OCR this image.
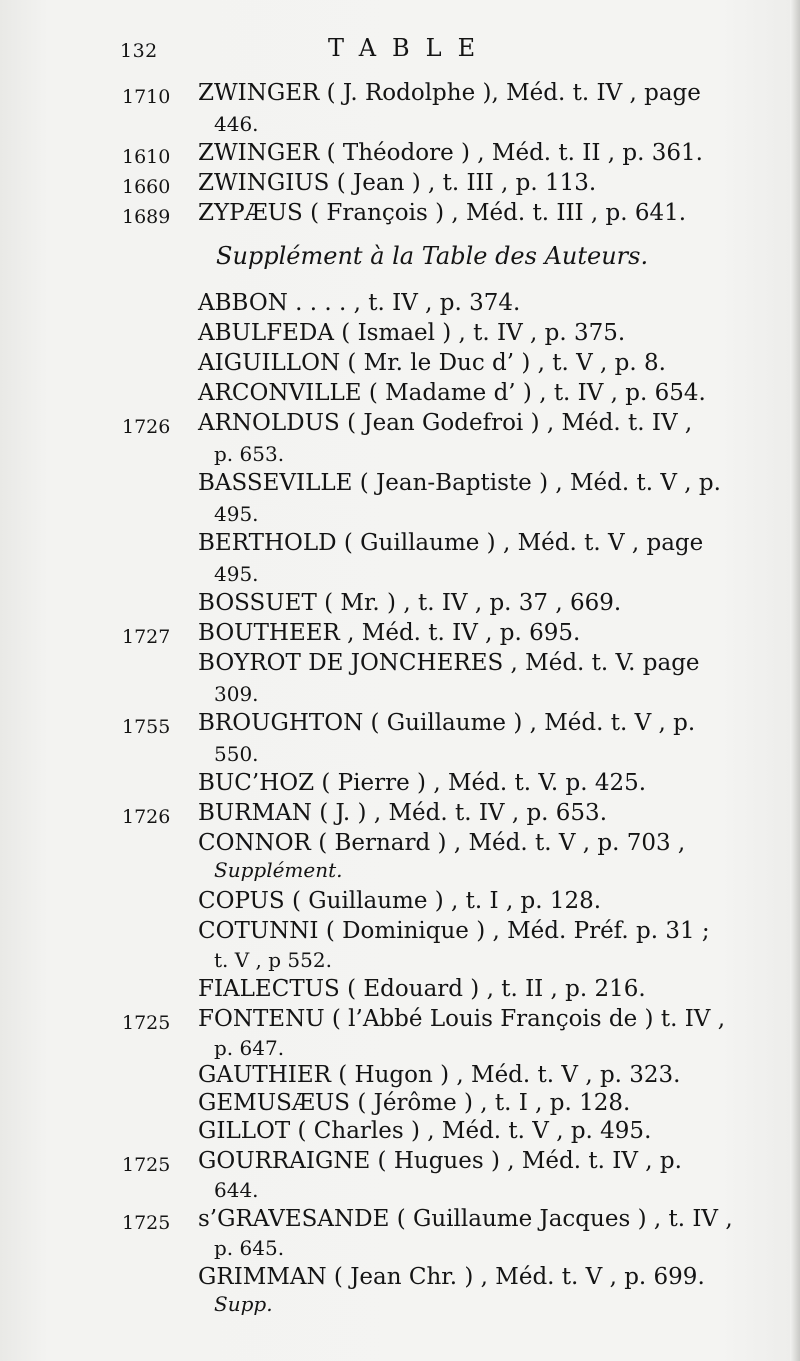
132	TABLE
1710 ZWINGER ( J. Rodolphe ), Méd. t. IV , page
446.
1610 ZWINGER ( Théodore ) , Méd. t. II , p. 361.
1660 ZWINGIUS ( Jean ) , t. III , p. 113.
1689 ZYPÆUS ( François ) , Méd. t. III , p. 641.
Supplément à la Table des Auteurs.
ABBON . . . . , t. IV , p. 374.
ABULFEDA ( Ismael ) , t. IV , p. 375.
AIGUILLON ( Mr. le Duc d’ ) , t. V , p. 8.
ARCONVILLE ( Madame d’ ) , t. IV , p. 654.
1726 ARNOLDUS ( Jean Godefroi ) , Méd. t. IV ,
p. 653.
BASSEVILLE ( Jean-Baptiste ) , Méd. t. V , p.
495.
BERTHOLD ( Guillaume ) , Méd. t. V , page
495.
BOSSUET ( Mr. ) , t. IV , p. 37 , 669.
1727 BOUTHEER , Méd. t. IV , p. 695.
BOYROT DE JONCHERES , Méd. t. V. page
309.
1755 BROUGHTON ( Guillaume ) , Méd. t. V , p.
550.
BUC’HOZ ( Pierre ) , Méd. t. V. p. 425.
1726 BURMAN ( J. ) , Méd. t. IV , p. 653.
CONNOR ( Bernard ) , Méd. t. V , p. 703 ,
Supplément.
COPUS ( Guillaume ) , t. I , p. 128.
COTUNNI ( Dominique ) , Méd. Préf. p. 31 ;
t. V , p 552.
FIALECTUS ( Edouard ) , t. II , p. 216.
1725 FONTENU ( l’Abbé Louis François de ) t. IV ,
p. 647.
GAUTHIER ( Hugon ) , Méd. t. V , p. 323.
GEMUSÆUS ( Jérôme ) , t. I , p. 128.
GILLOT ( Charles ) , Méd. t. V , p. 495.
1725 GOURRAIGNE ( Hugues ) , Méd. t. IV , p.
644.
1725 s’GRAVESANDE ( Guillaume Jacques ) , t. IV ,
p. 645.
GRIMMAN ( Jean Chr. ) , Méd. t. V , p. 699.
Supp.
